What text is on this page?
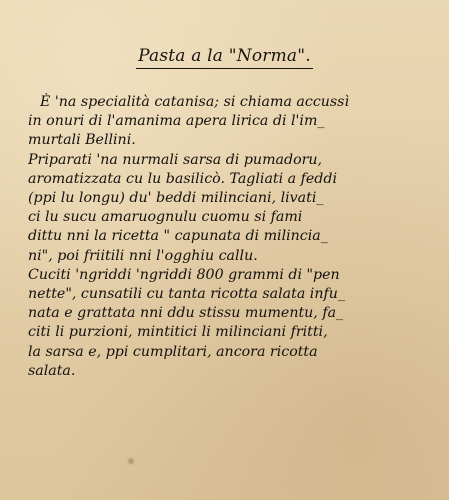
Pasta a la "Norma".
È 'na specialità catanisa; si chiama accussì
in onuri di l'amanima apera lirica di l'im_
murtali Bellini.
Priparati 'na nurmali sarsa di pumadoru,
aromatizzata cu lu basilicò. Tagliati a feddi
(ppi lu longu) du' beddi milinciani, livati_
ci lu sucu amaruognulu cuomu si fami
dittu nni la ricetta " capunata di milincia_
ni", poi friitili nni l'ogghiu callu.
Cuciti 'ngriddi 'ngriddi 800 grammi di "pen
nette", cunsatili cu tanta ricotta salata infu_
nata e grattata nni ddu stissu mumentu, fa_
citi li purzioni, mintitici li milinciani fritti,
la sarsa e, ppi cumplitari, ancora ricotta
salata.
